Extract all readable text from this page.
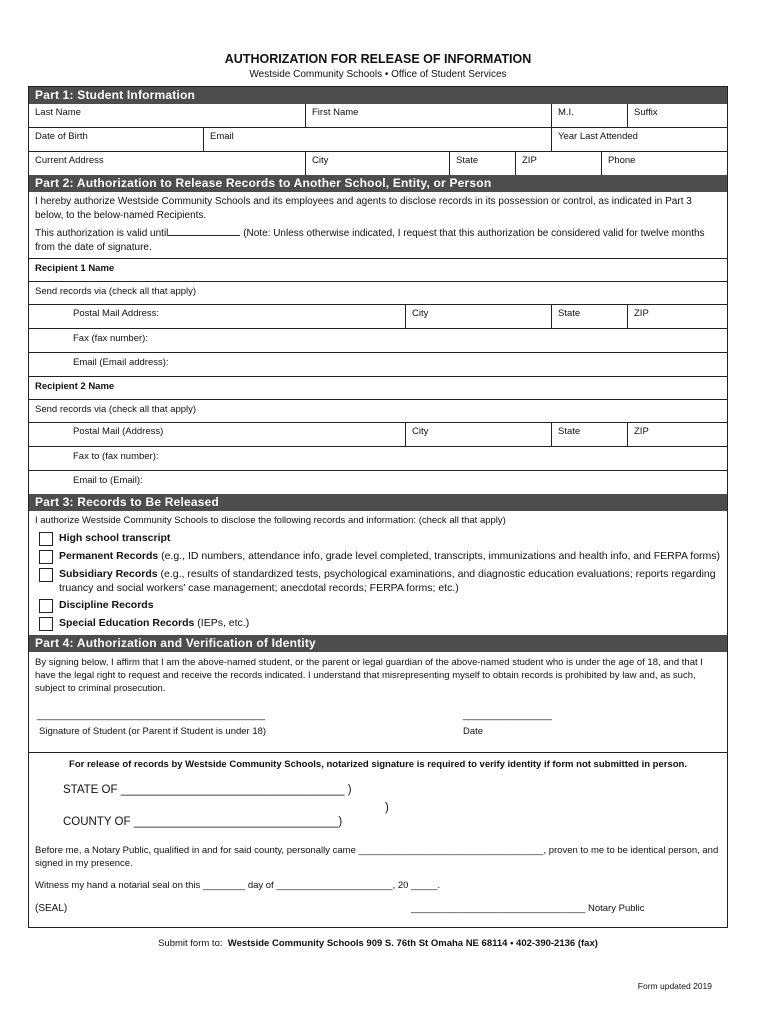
AUTHORIZATION FOR RELEASE OF INFORMATION
Westside Community Schools • Office of Student Services
Part 1: Student Information
Last Name	First Name	M.I.	Suffix
Date of Birth	Email	Year Last Attended
Current Address	City	State	ZIP	Phone
Part 2: Authorization to Release Records to Another School, Entity, or Person
I hereby authorize Westside Community Schools and its employees and agents to disclose records in its possession or control, as indicated in Part 3 below, to the below-named Recipients.
This authorization is valid until	(Note: Unless otherwise indicated, I request that this authorization be considered valid for twelve months from the date of signature.
Recipient 1 Name
Send records via (check all that apply)
Postal Mail Address:	City	State	ZIP
Fax (fax number):
Email (Email address):
Recipient 2 Name
Send records via (check all that apply)
Postal Mail (Address)	City	State	ZIP
Fax to (fax number):
Email to (Email):
Part 3: Records to Be Released
I authorize Westside Community Schools to disclose the following records and information: (check all that apply)
High school transcript
Permanent Records (e.g., ID numbers, attendance info, grade level completed, transcripts, immunizations and health info, and FERPA forms)
Subsidiary Records (e.g., results of standardized tests, psychological examinations, and diagnostic education evaluations; reports regarding truancy and social workers’ case management; anecdotal records; FERPA forms; etc.)
Discipline Records
Special Education Records (IEPs, etc.)
Part 4: Authorization and Verification of Identity
By signing below, I affirm that I am the above-named student, or the parent or legal guardian of the above-named student who is under the age of 18, and that I have the legal right to request and receive the records indicated. I understand that misrepresenting myself to obtain records is prohibited by law and, as such, subject to criminal prosecution.
_________________________________________
Signature of Student (or Parent if Student is under 18)
________________
Date
For release of records by Westside Community Schools, notarized signature is required to verify identity if form not submitted in person.
STATE OF ___________________________________ )
)
COUNTY OF ________________________________)
Before me, a Notary Public, qualified in and for said county, personally came ___________________________________, proven to me to be identical person, and signed in my presence.
Witness my hand a notarial seal on this ________ day of ______________________, 20 _____.
(SEAL)	_________________________________ Notary Public
Submit form to: Westside Community Schools 909 S. 76th St Omaha NE 68114 • 402-390-2136 (fax)
Form updated 2019
